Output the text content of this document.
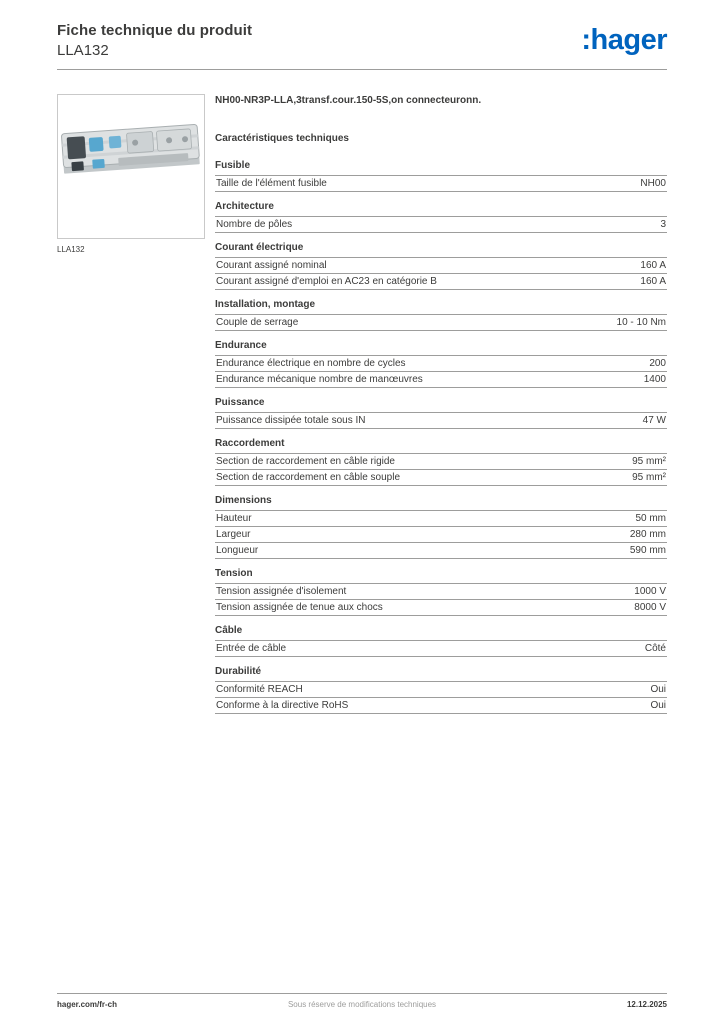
Fiche technique du produit
LLA132	:hager
LLA132
NH00-NR3P-LLA,3transf.cour.150-5S,on connecteuronn.
Caractéristiques techniques
Fusible
Taille de l'élément fusible	NH00
Architecture
Nombre de pôles	3
Courant électrique
Courant assigné nominal	160 A
Courant assigné d'emploi en AC23 en catégorie B	160 A
Installation, montage
Couple de serrage	10 - 10 Nm
Endurance
Endurance électrique en nombre de cycles	200
Endurance mécanique nombre de manœuvres	1400
Puissance
Puissance dissipée totale sous IN	47 W
Raccordement
Section de raccordement en câble rigide	95 mm²
Section de raccordement en câble souple	95 mm²
Dimensions
Hauteur	50 mm
Largeur	280 mm
Longueur	590 mm
Tension
Tension assignée d'isolement	1000 V
Tension assignée de tenue aux chocs	8000 V
Câble
Entrée de câble	Côté
Durabilité
Conformité REACH	Oui
Conforme à la directive RoHS	Oui
hager.com/fr-ch	Sous réserve de modifications techniques	12.12.2025
